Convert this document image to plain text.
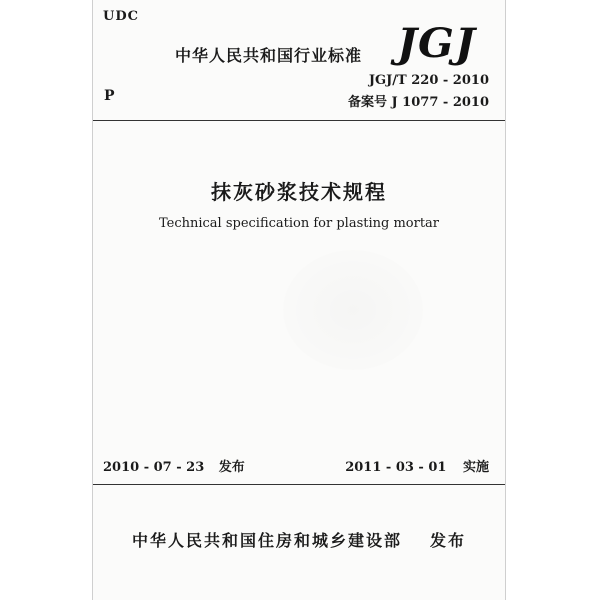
UDC
P
中华人民共和国行业标准 JGJ
JGJ/T 220 - 2010
备案号 J 1077 - 2010
抹灰砂浆技术规程
Technical specification for plasting mortar
2010 - 07 - 23 发布	2011 - 03 - 01 实施
中华人民共和国住房和城乡建设部 发布
